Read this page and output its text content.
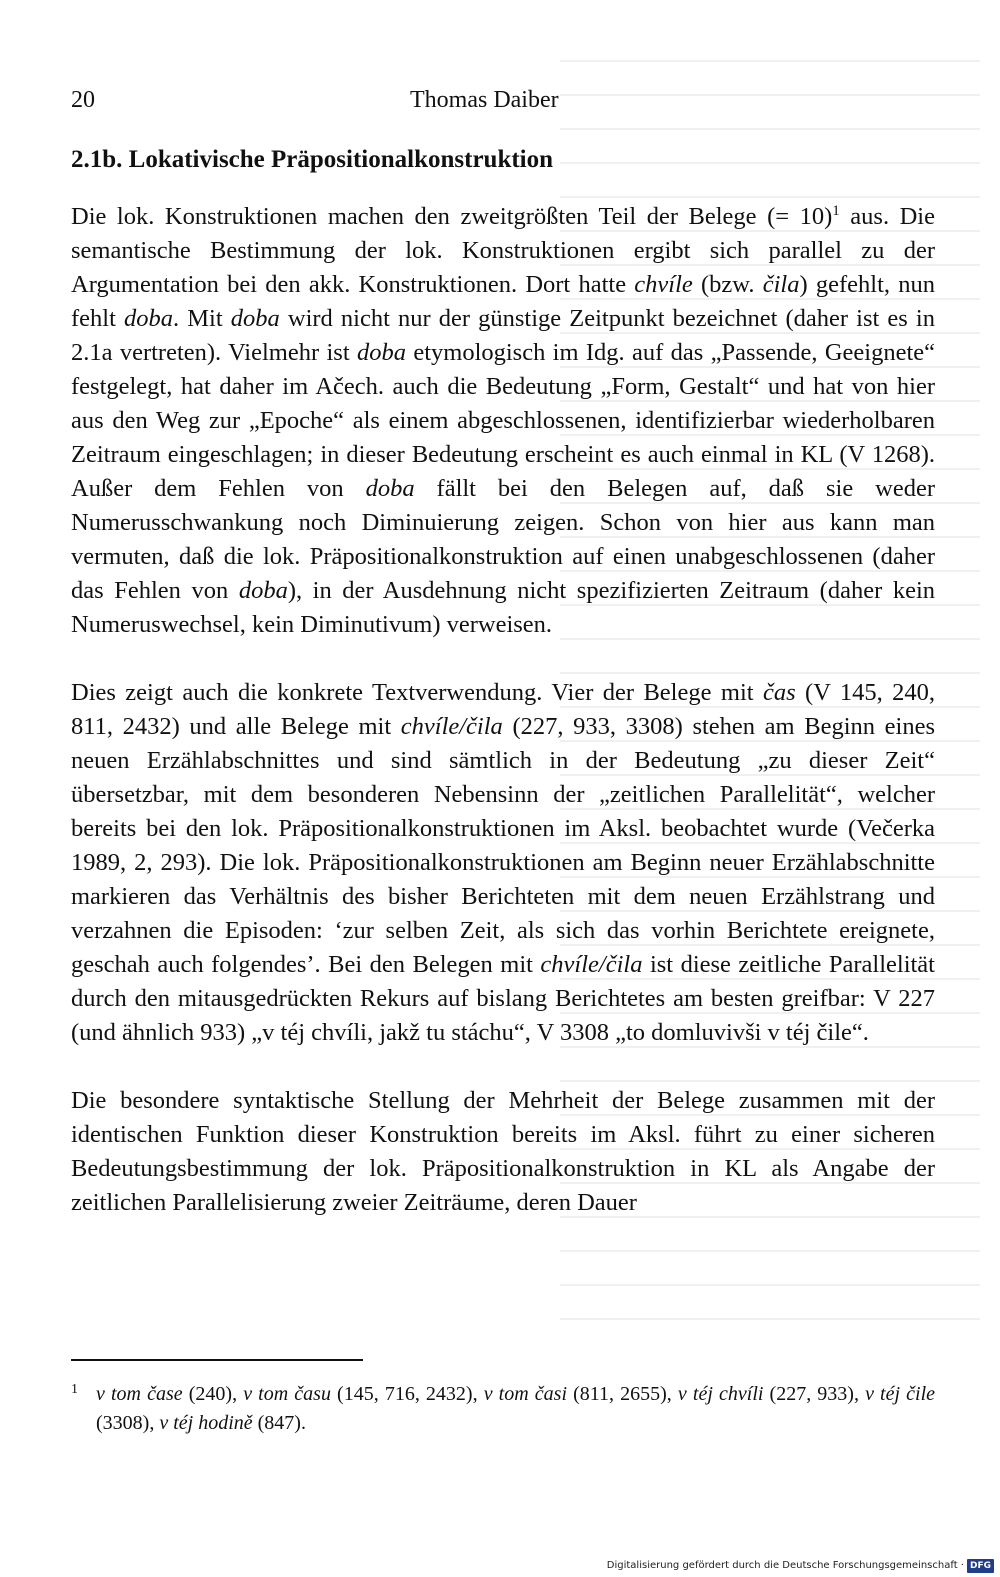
20	Thomas Daiber
2.1b. Lokativische Präpositionalkonstruktion

Die lok. Konstruktionen machen den zweitgrößten Teil der Belege (= 10)$^1$ aus. Die semantische Bestimmung der lok. Konstruktionen ergibt sich parallel zu der Argumentation bei den akk. Konstruktionen. Dort hatte chvíle (bzw. čila) gefehlt, nun fehlt doba. Mit doba wird nicht nur der günstige Zeitpunkt bezeichnet (daher ist es in 2.1a vertreten). Vielmehr ist doba etymologisch im Idg. auf das „Passende, Geeignete“ festgelegt, hat daher im Ačech. auch die Bedeutung „Form, Gestalt“ und hat von hier aus den Weg zur „Epoche“ als einem abgeschlossenen, identifizierbar wiederholbaren Zeitraum eingeschlagen; in dieser Bedeutung erscheint es auch einmal in KL (V 1268). Außer dem Fehlen von doba fällt bei den Belegen auf, daß sie weder Numerusschwankung noch Diminuierung zeigen. Schon von hier aus kann man vermuten, daß die lok. Präpositionalkonstruktion auf einen unabgeschlossenen (daher das Fehlen von doba), in der Ausdehnung nicht spezifizierten Zeitraum (daher kein Numeruswechsel, kein Diminutivum) verweisen.

Dies zeigt auch die konkrete Textverwendung. Vier der Belege mit čas (V 145, 240, 811, 2432) und alle Belege mit chvíle/čila (227, 933, 3308) stehen am Beginn eines neuen Erzählabschnittes und sind sämtlich in der Bedeutung „zu dieser Zeit“ übersetzbar, mit dem besonderen Nebensinn der „zeitlichen Parallelität“, welcher bereits bei den lok. Präpositionalkonstruktionen im Aksl. beobachtet wurde (Večerka 1989, 2, 293). Die lok. Präpositionalkonstruktionen am Beginn neuer Erzählabschnitte markieren das Verhältnis des bisher Berichteten mit dem neuen Erzählstrang und verzahnen die Episoden: ‘zur selben Zeit, als sich das vorhin Berichtete ereignete, geschah auch folgendes’. Bei den Belegen mit chvíle/čila ist diese zeitliche Parallelität durch den mitausgedrückten Rekurs auf bislang Berichtetes am besten greifbar: V 227 (und ähnlich 933) „v téj chvíli, jakž tu stáchu“, V 3308 „to domluvivši v téj čile“.

Die besondere syntaktische Stellung der Mehrheit der Belege zusammen mit der identischen Funktion dieser Konstruktion bereits im Aksl. führt zu einer sicheren Bedeutungsbestimmung der lok. Präpositionalkonstruktion in KL als Angabe der zeitlichen Parallelisierung zweier Zeiträume, deren Dauer

1 v tom čase (240), v tom času (145, 716, 2432), v tom časi (811, 2655), v téj chvíli (227, 933), v téj čile (3308), v téj hodině (847).
Digitalisierung gefördert durch die Deutsche Forschungsgemeinschaft · DFG
